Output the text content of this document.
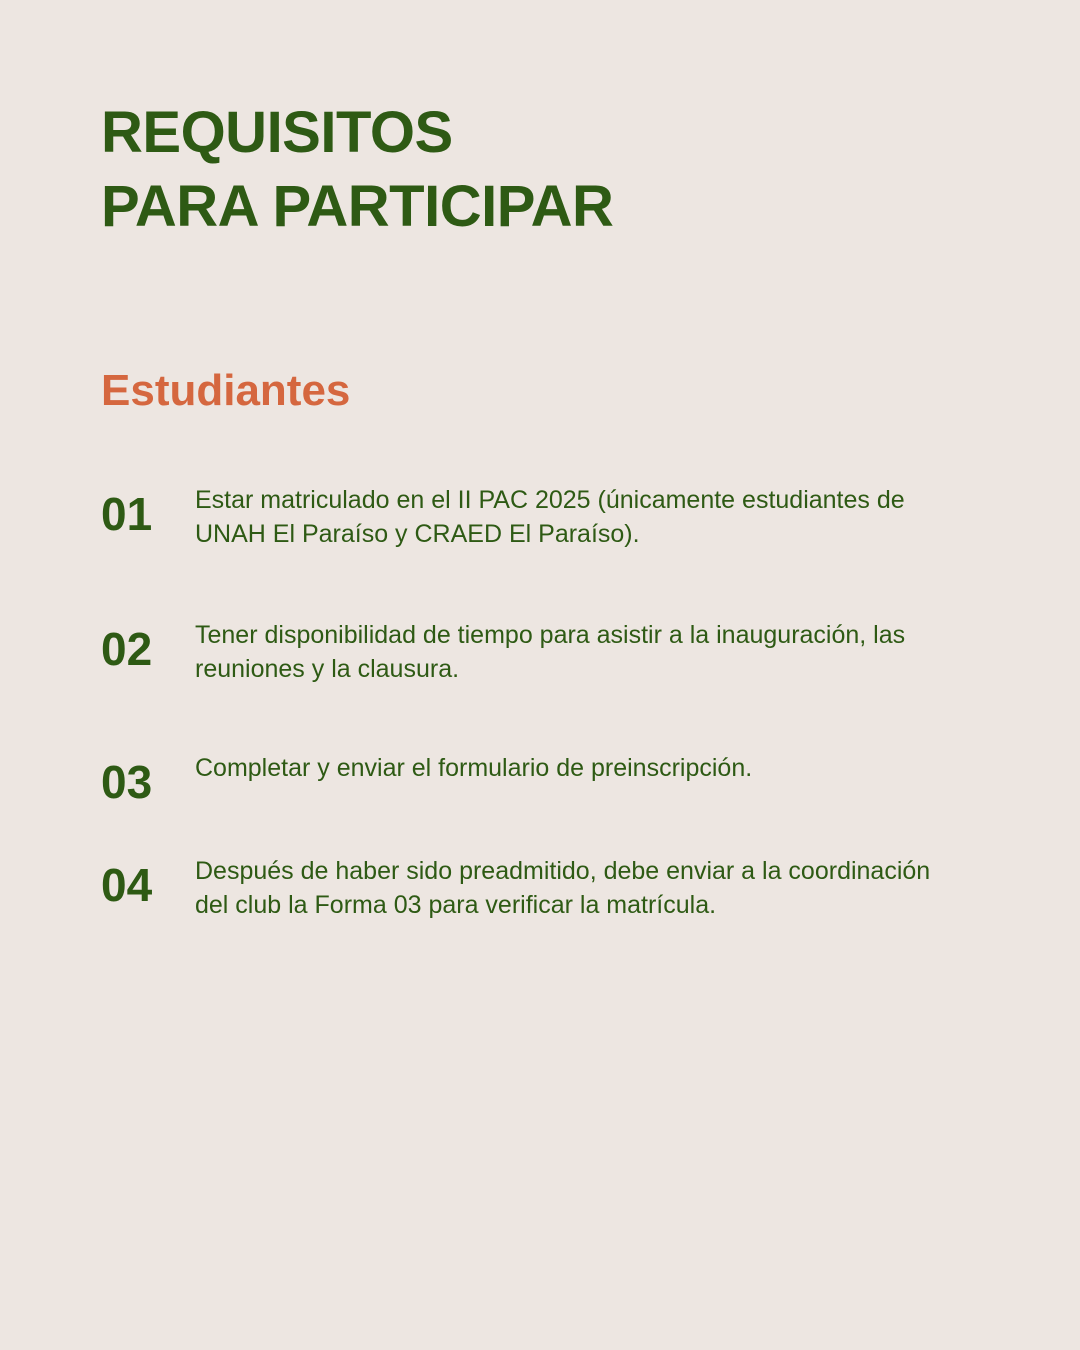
REQUISITOS
PARA PARTICIPAR
Estudiantes
01 Estar matriculado en el II PAC 2025 (únicamente estudiantes de UNAH El Paraíso y CRAED El Paraíso).
02 Tener disponibilidad de tiempo para asistir a la inauguración, las reuniones y la clausura.
03 Completar y enviar el formulario de preinscripción.
04 Después de haber sido preadmitido, debe enviar a la coordinación del club la Forma 03 para verificar la matrícula.
